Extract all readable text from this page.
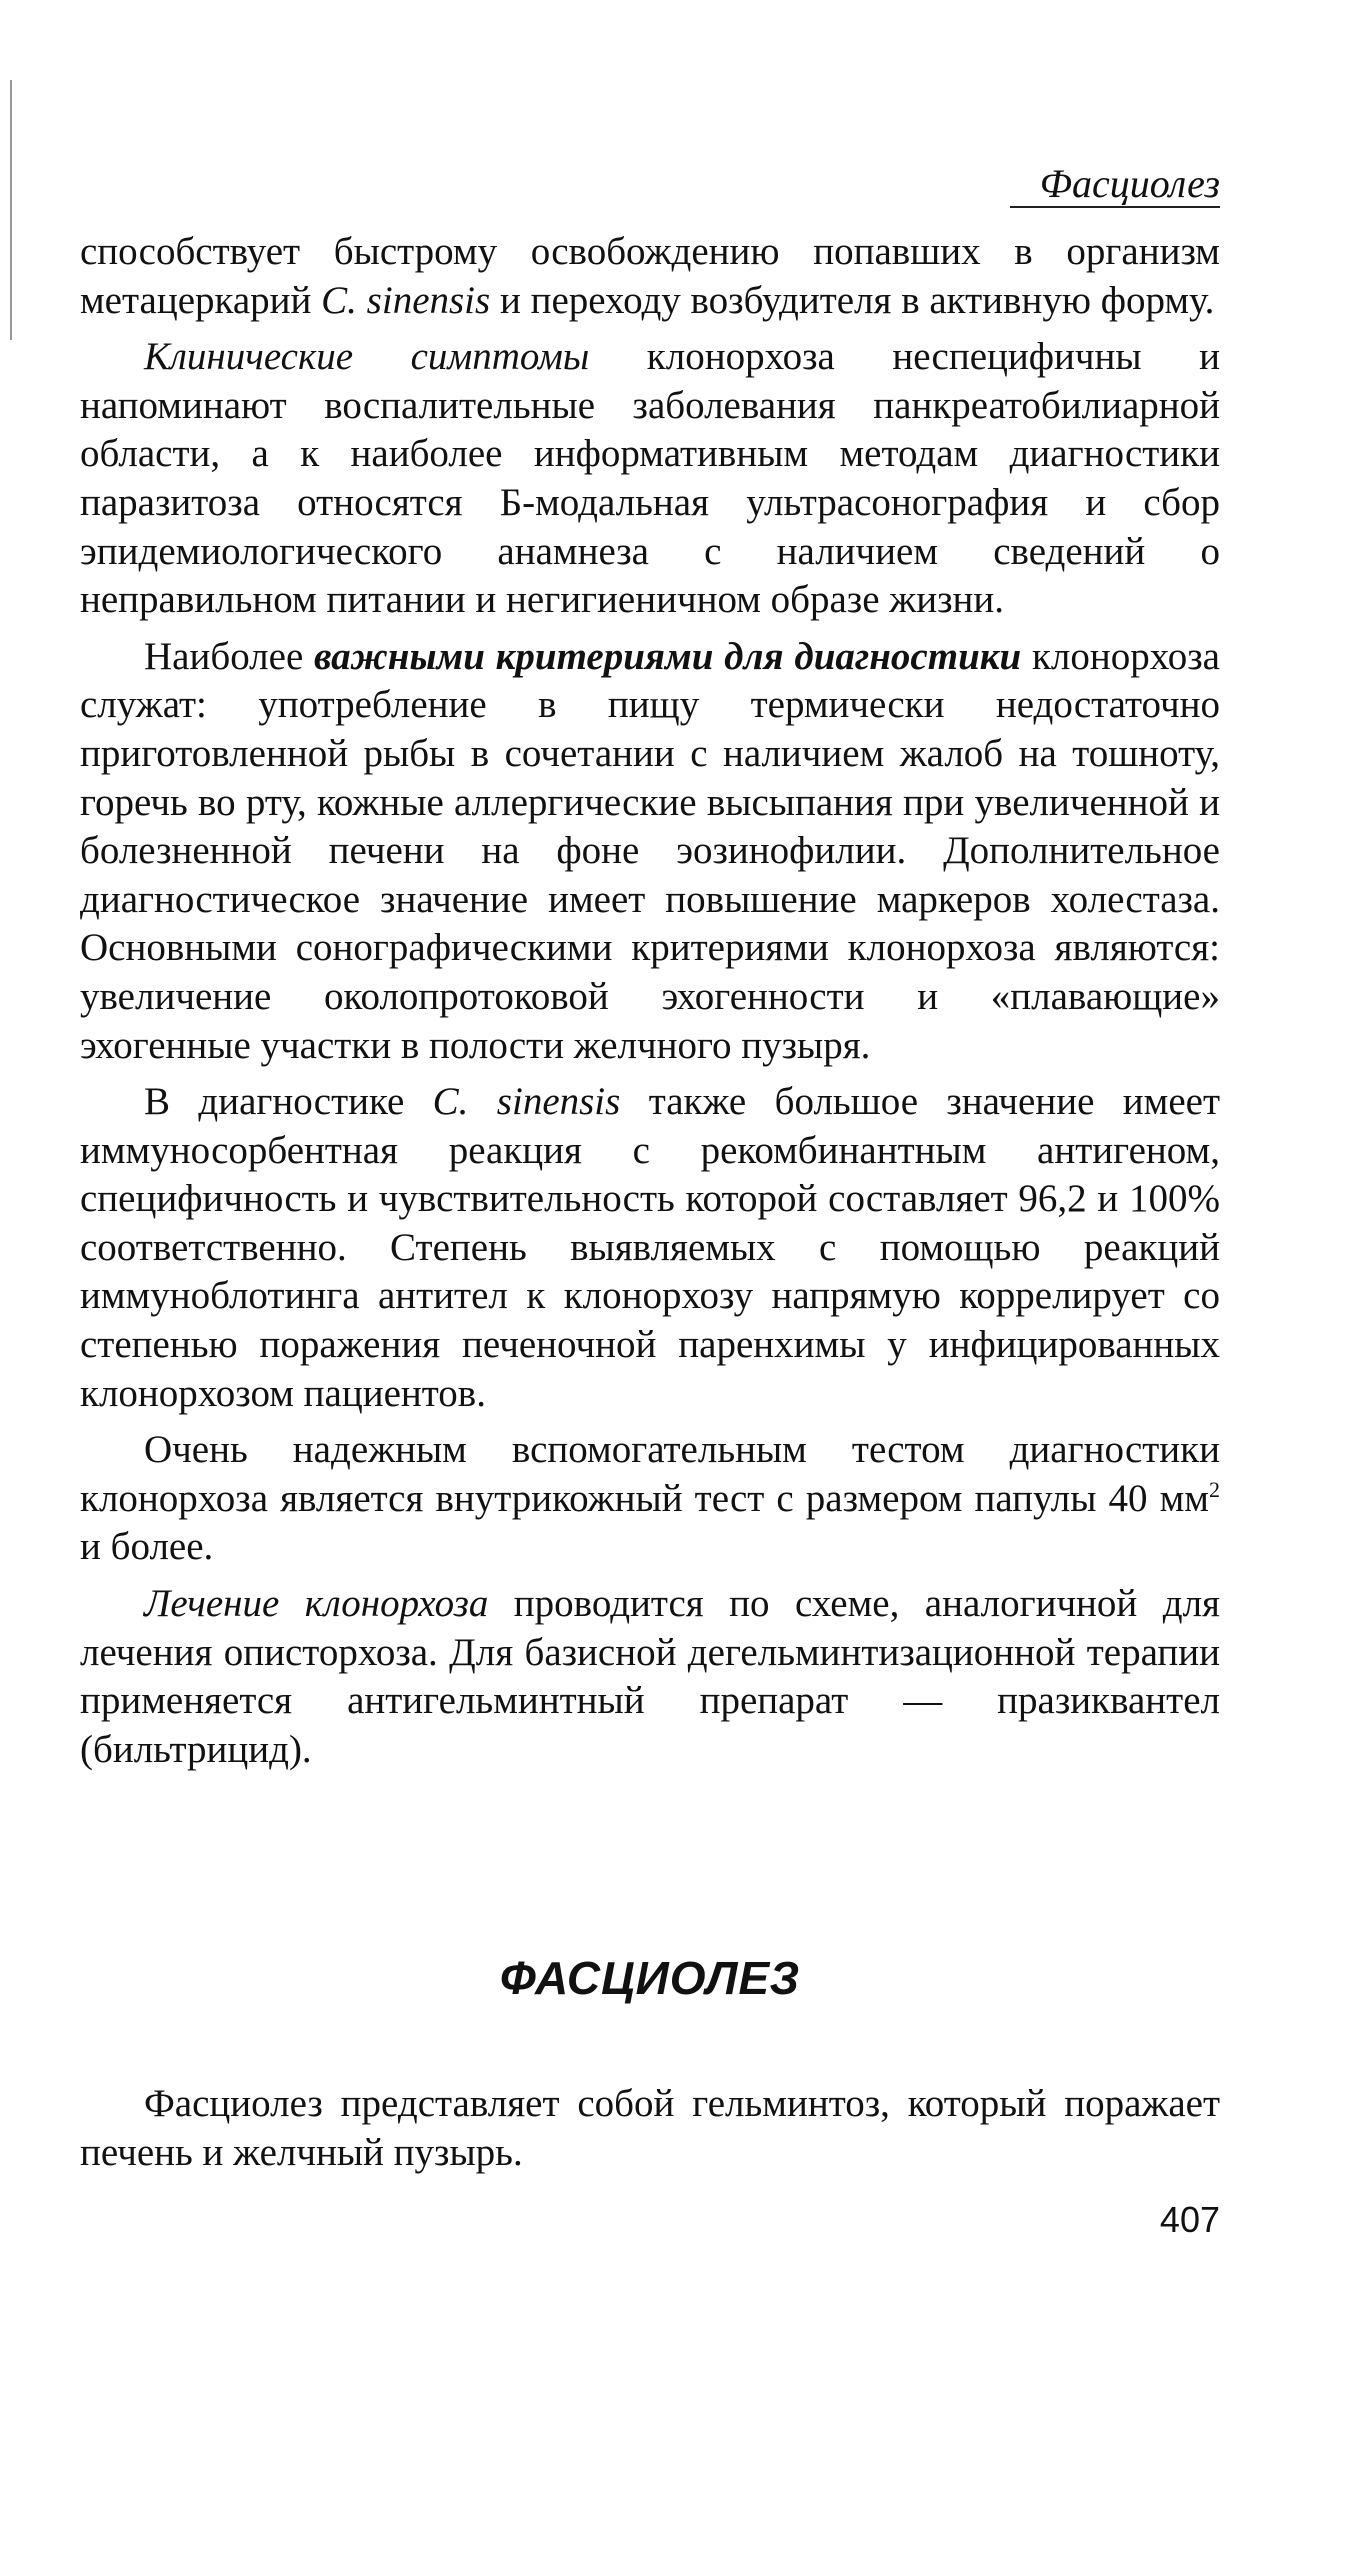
Фасциолез

способствует быстрому освобождению попавших в организм метацеркарий C. sinensis и переходу возбудителя в активную форму.

Клинические симптомы клонорхоза неспецифичны и напоминают воспалительные заболевания панкреатобилиарной области, а к наиболее информативным методам диагностики паразитоза относятся Б-модальная ультрасонография и сбор эпидемиологического анамнеза с наличием сведений о неправильном питании и негигиеничном образе жизни.

Наиболее важными критериями для диагностики клонорхоза служат: употребление в пищу термически недостаточно приготовленной рыбы в сочетании с наличием жалоб на тошноту, горечь во рту, кожные аллергические высыпания при увеличенной и болезненной печени на фоне эозинофилии. Дополнительное диагностическое значение имеет повышение маркеров холестаза. Основными сонографическими критериями клонорхоза являются: увеличение околопротоковой эхогенности и «плавающие» эхогенные участки в полости желчного пузыря.

В диагностике C. sinensis также большое значение имеет иммуносорбентная реакция с рекомбинантным антигеном, специфичность и чувствительность которой составляет 96,2 и 100% соответственно. Степень выявляемых с помощью реакций иммуноблотинга антител к клонорхозу напрямую коррелирует со степенью поражения печеночной паренхимы у инфицированных клонорхозом пациентов.

Очень надежным вспомогательным тестом диагностики клонорхоза является внутрикожный тест с размером папулы 40 $мм^2$ и более.

Лечение клонорхоза проводится по схеме, аналогичной для лечения описторхоза. Для базисной дегельминтизационной терапии применяется антигельминтный препарат — празиквантел (бильтрицид).

ФАСЦИОЛЕЗ

Фасциолез представляет собой гельминтоз, который поражает печень и желчный пузырь.

407
